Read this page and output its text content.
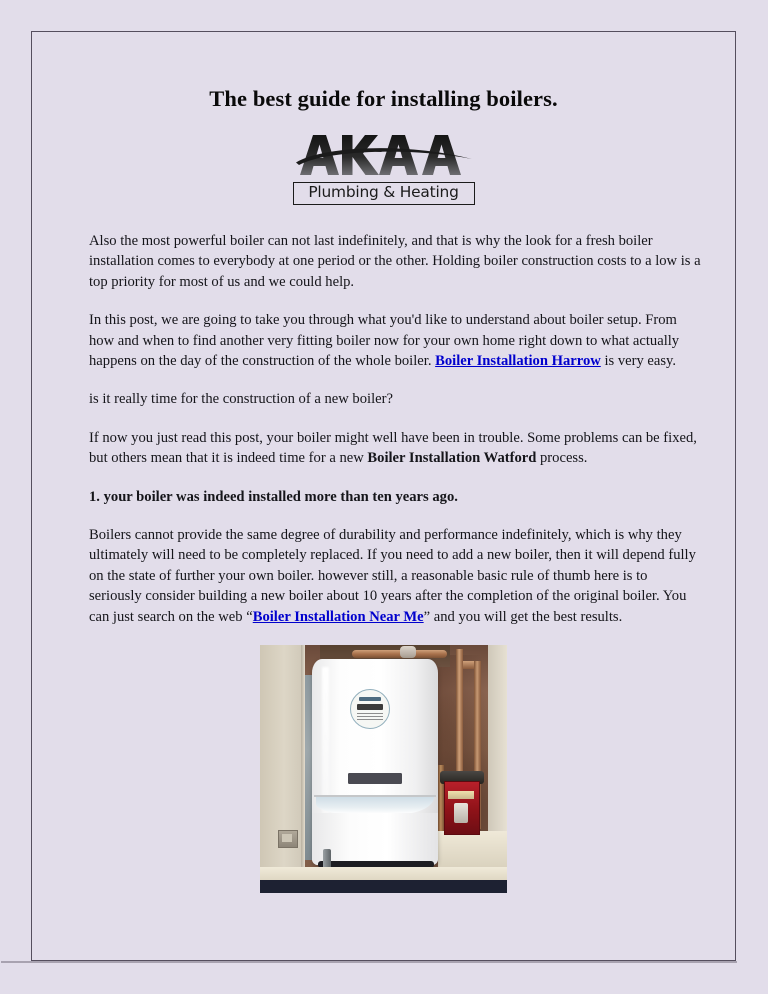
The best guide for installing boilers.
Plumbing & Heating

Also the most powerful boiler can not last indefinitely, and that is why the look for a fresh boiler installation comes to everybody at one period or the other. Holding boiler construction costs to a low is a top priority for most of us and we could help.

In this post, we are going to take you through what you'd like to understand about boiler setup. From how and when to find another very fitting boiler now for your own home right down to what actually happens on the day of the construction of the whole boiler. Boiler Installation Harrow is very easy.

is it really time for the construction of a new boiler?

If now you just read this post, your boiler might well have been in trouble. Some problems can be fixed, but others mean that it is indeed time for a new Boiler Installation Watford process.

1. your boiler was indeed installed more than ten years ago.

Boilers cannot provide the same degree of durability and performance indefinitely, which is why they ultimately will need to be completely replaced. If you need to add a new boiler, then it will depend fully on the state of further your own boiler. however still, a reasonable basic rule of thumb here is to seriously consider building a new boiler about 10 years after the completion of the original boiler. You can just search on the web “Boiler Installation Near Me” and you will get the best results.
